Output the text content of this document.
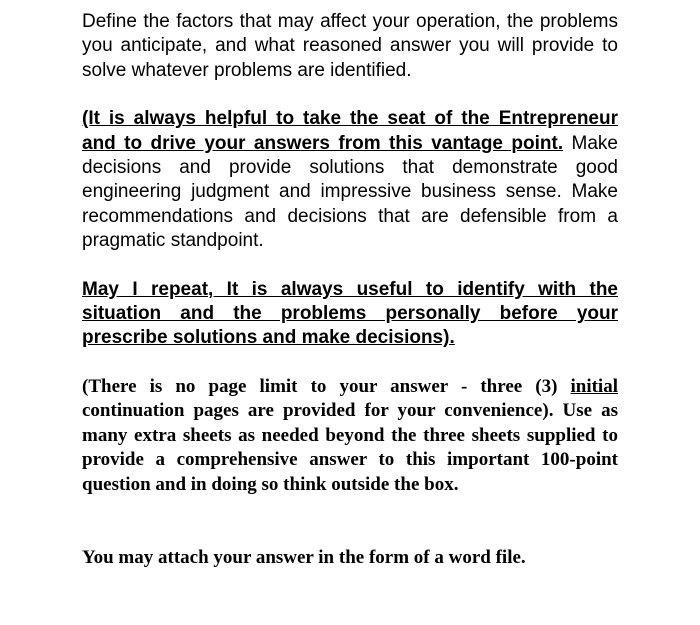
Define the factors that may affect your operation, the problems you anticipate, and what reasoned answer you will provide to solve whatever problems are identified.

(It is always helpful to take the seat of the Entrepreneur and to drive your answers from this vantage point. Make decisions and provide solutions that demonstrate good engineering judgment and impressive business sense. Make recommendations and decisions that are defensible from a pragmatic standpoint.

May I repeat, It is always useful to identify with the situation and the problems personally before your prescribe solutions and make decisions).

(There is no page limit to your answer - three (3) initial continuation pages are provided for your convenience). Use as many extra sheets as needed beyond the three sheets supplied to provide a comprehensive answer to this important 100-point question and in doing so think outside the box.

You may attach your answer in the form of a word file.
